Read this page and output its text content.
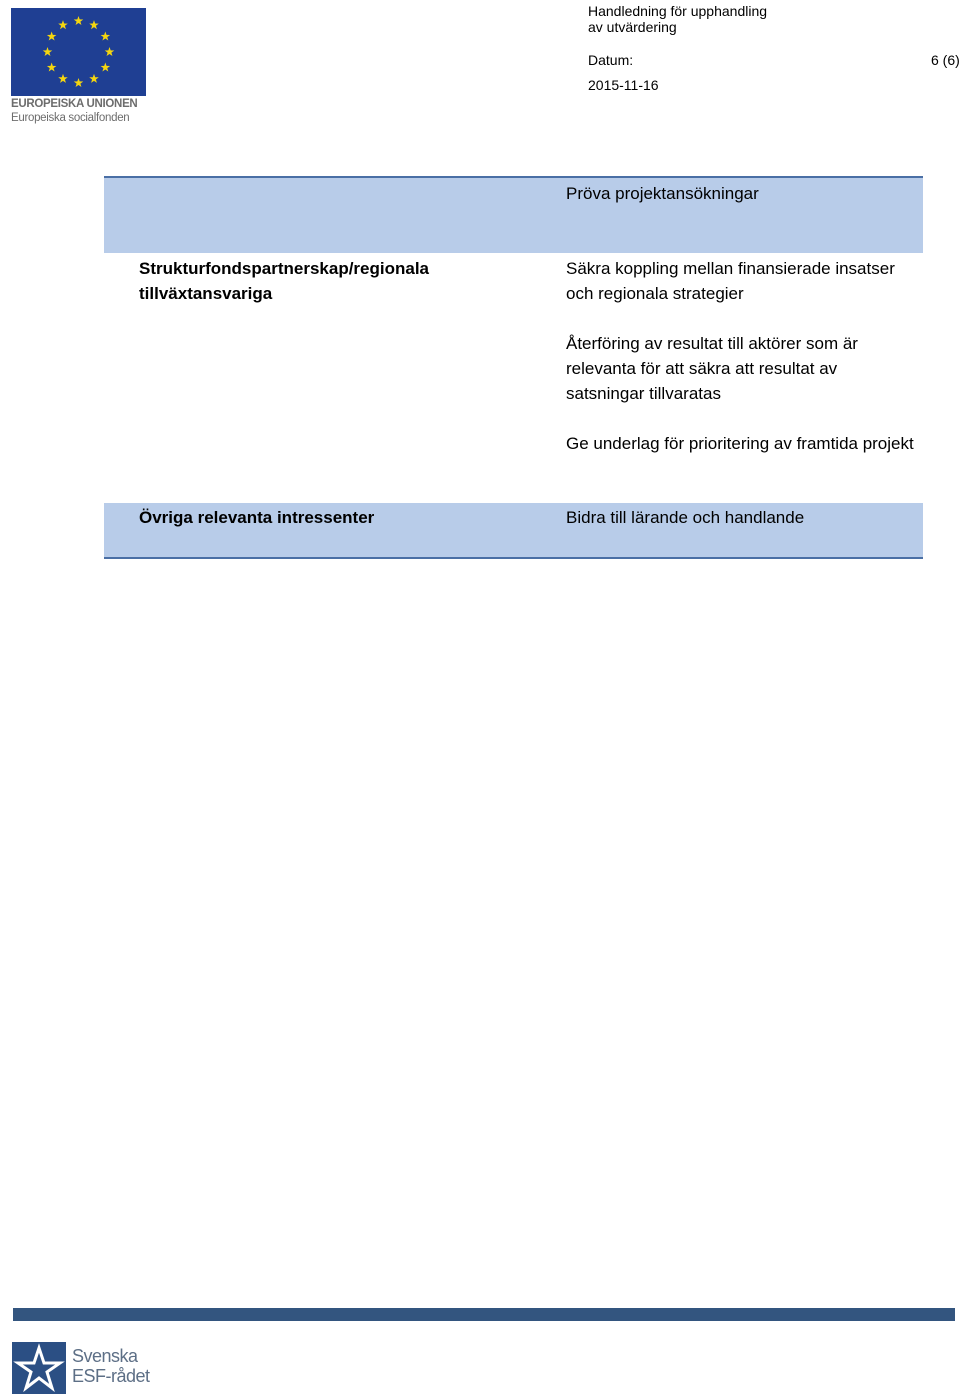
EUROPEISKA UNIONEN
Europeiska socialfonden
Handledning för upphandling
av utvärdering
Datum:	6 (6)
2015-11-16
Pröva projektansökningar
Strukturfondspartnerskap/regionala tillväxtansvariga
Säkra koppling mellan finansierade insatser och regionala strategier
Återföring av resultat till aktörer som är relevanta för att säkra att resultat av satsningar tillvaratas
Ge underlag för prioritering av framtida projekt
Övriga relevanta intressenter	Bidra till lärande och handlande
Svenska
ESF-rådet
